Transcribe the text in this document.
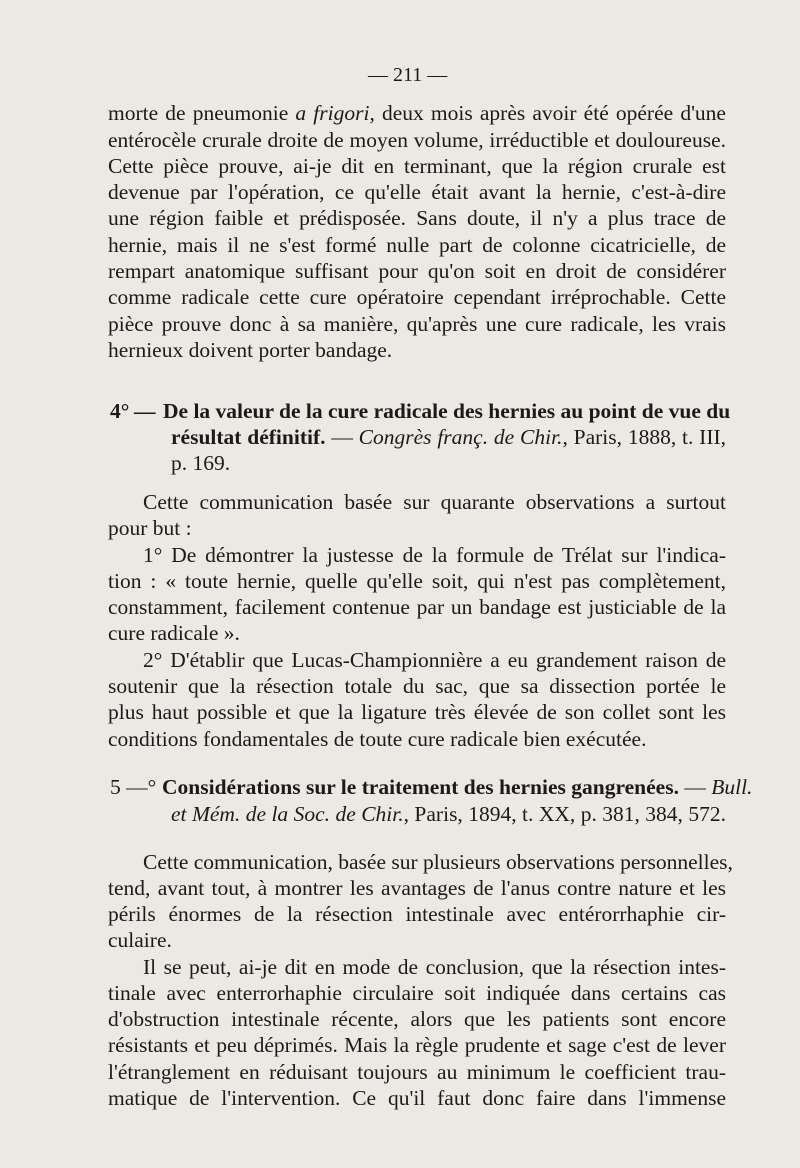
— 211 —
morte de pneumonie a frigori, deux mois après avoir été opérée d'une
entérocèle crurale droite de moyen volume, irréductible et douloureuse.
Cette pièce prouve, ai-je dit en terminant, que la région crurale est
devenue par l'opération, ce qu'elle était avant la hernie, c'est-à-dire
une région faible et prédisposée. Sans doute, il n'y a plus trace de
hernie, mais il ne s'est formé nulle part de colonne cicatricielle, de
rempart anatomique suffisant pour qu'on soit en droit de considérer
comme radicale cette cure opératoire cependant irréprochable. Cette
pièce prouve donc à sa manière, qu'après une cure radicale, les vrais
hernieux doivent porter bandage.
4° — De la valeur de la cure radicale des hernies au point de vue du
résultat définitif. — Congrès franç. de Chir., Paris, 1888, t. III,
p. 169.
Cette communication basée sur quarante observations a surtout
pour but :
1° De démontrer la justesse de la formule de Trélat sur l'indica-
tion : « toute hernie, quelle qu'elle soit, qui n'est pas complètement,
constamment, facilement contenue par un bandage est justiciable de la
cure radicale ».
2° D'établir que Lucas-Championnière a eu grandement raison de
soutenir que la résection totale du sac, que sa dissection portée le
plus haut possible et que la ligature très élevée de son collet sont les
conditions fondamentales de toute cure radicale bien exécutée.
5 —° Considérations sur le traitement des hernies gangrenées. — Bull.
et Mém. de la Soc. de Chir., Paris, 1894, t. XX, p. 381, 384, 572.
Cette communication, basée sur plusieurs observations personnelles,
tend, avant tout, à montrer les avantages de l'anus contre nature et les
périls énormes de la résection intestinale avec entérorrhaphie cir-
culaire.
Il se peut, ai-je dit en mode de conclusion, que la résection intes-
tinale avec enterrorhaphie circulaire soit indiquée dans certains cas
d'obstruction intestinale récente, alors que les patients sont encore
résistants et peu déprimés. Mais la règle prudente et sage c'est de lever
l'étranglement en réduisant toujours au minimum le coefficient trau-
matique de l'intervention. Ce qu'il faut donc faire dans l'immense
